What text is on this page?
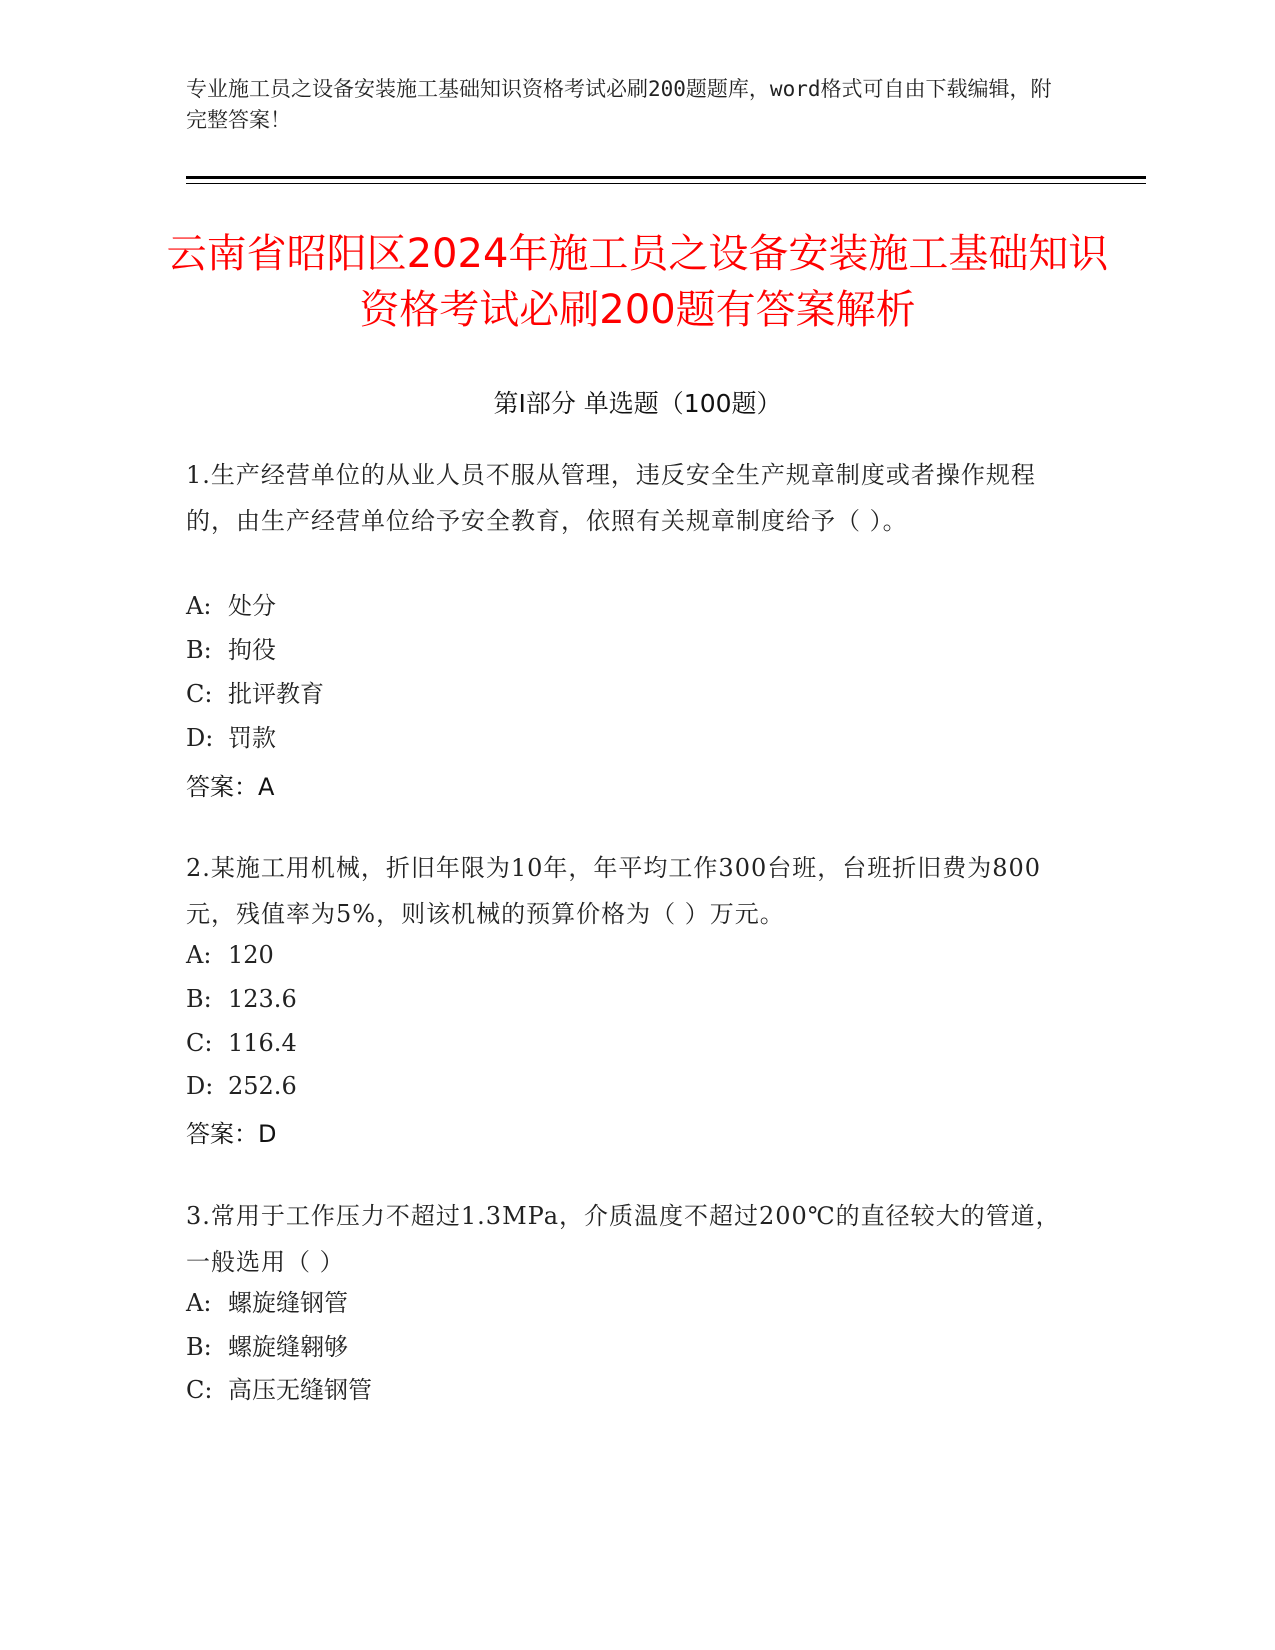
专业施工员之设备安装施工基础知识资格考试必刷200题题库，word格式可自由下载编辑，附完整答案！
云南省昭阳区2024年施工员之设备安装施工基础知识资格考试必刷200题有答案解析
第Ⅰ部分 单选题（100题）
1.生产经营单位的从业人员不服从管理，违反安全生产规章制度或者操作规程的，由生产经营单位给予安全教育，依照有关规章制度给予（ ）。
A: 处分
B: 拘役
C: 批评教育
D: 罚款
答案：A
2.某施工用机械，折旧年限为10年，年平均工作300台班，台班折旧费为800元，残值率为5%，则该机械的预算价格为（ ）万元。
A: 120
B: 123.6
C: 116.4
D: 252.6
答案：D
3.常用于工作压力不超过1.3MPa，介质温度不超过200℃的直径较大的管道，一般选用（ ）
A: 螺旋缝钢管
B: 螺旋缝翱够
C: 高压无缝钢管
